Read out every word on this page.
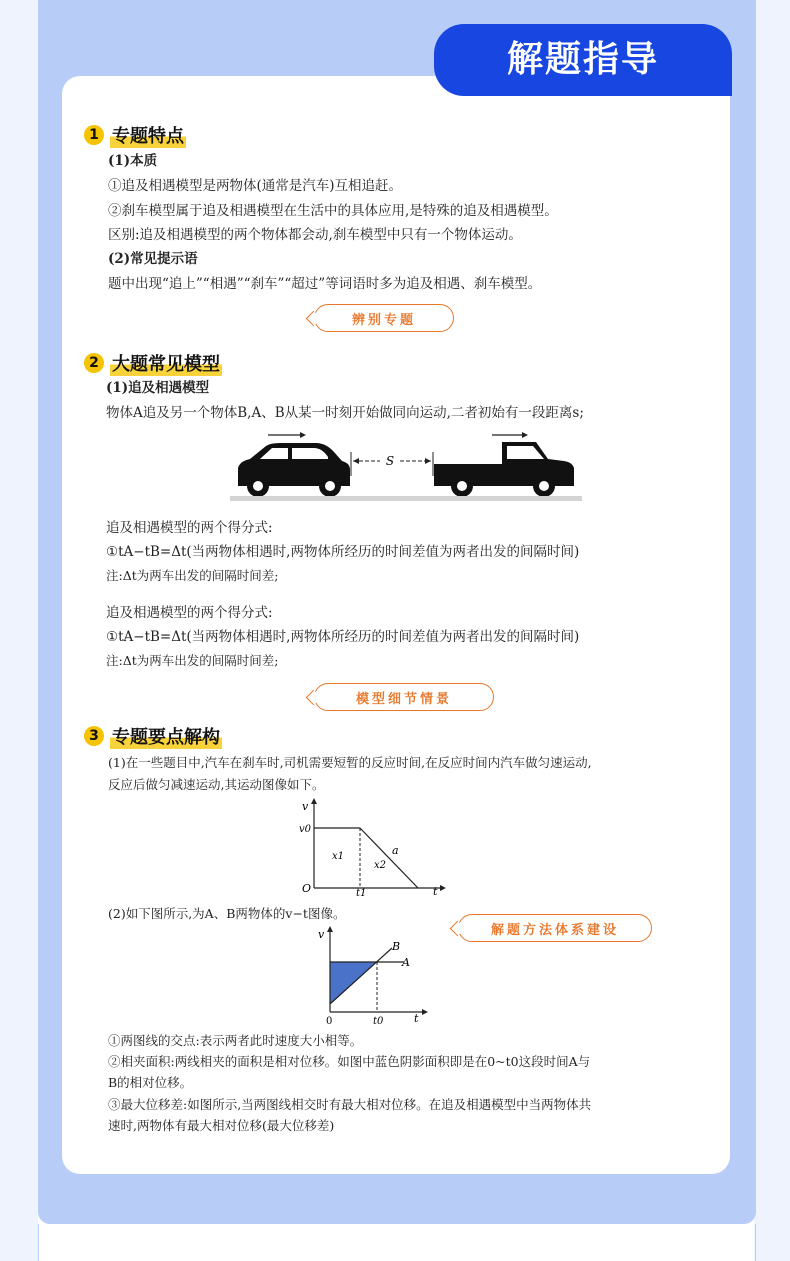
解题指导
1 专题特点
(1)本质
①追及相遇模型是两物体(通常是汽车)互相追赶。
②刹车模型属于追及相遇模型在生活中的具体应用,是特殊的追及相遇模型。
区别:追及相遇模型的两个物体都会动,刹车模型中只有一个物体运动。
(2)常见提示语
题中出现“追上”“相遇”“刹车”“超过”等词语时多为追及相遇、刹车模型。
辨别专题
2 大题常见模型
(1)追及相遇模型
物体A追及另一个物体B,A、B从某一时刻开始做同向运动,二者初始有一段距离s;
S
追及相遇模型的两个得分式:
①tA−tB=Δt(当两物体相遇时,两物体所经历的时间差值为两者出发的间隔时间)
注:Δt为两车出发的间隔时间差;
追及相遇模型的两个得分式:
①tA−tB=Δt(当两物体相遇时,两物体所经历的时间差值为两者出发的间隔时间)
注:Δt为两车出发的间隔时间差;
模型细节情景
3 专题要点解构
(1)在一些题目中,汽车在刹车时,司机需要短暂的反应时间,在反应时间内汽车做匀速运动,
反应后做匀减速运动,其运动图像如下。
v
v0
x1
x2
a
O	t1	t
(2)如下图所示,为A、B两物体的v−t图像。
解题方法体系建设
v
B
A
0	t0	t
①两图线的交点:表示两者此时速度大小相等。
②相夹面积:两线相夹的面积是相对位移。如图中蓝色阴影面积即是在0~t0这段时间A与
B的相对位移。
③最大位移差:如图所示,当两图线相交时有最大相对位移。在追及相遇模型中当两物体共
速时,两物体有最大相对位移(最大位移差)
